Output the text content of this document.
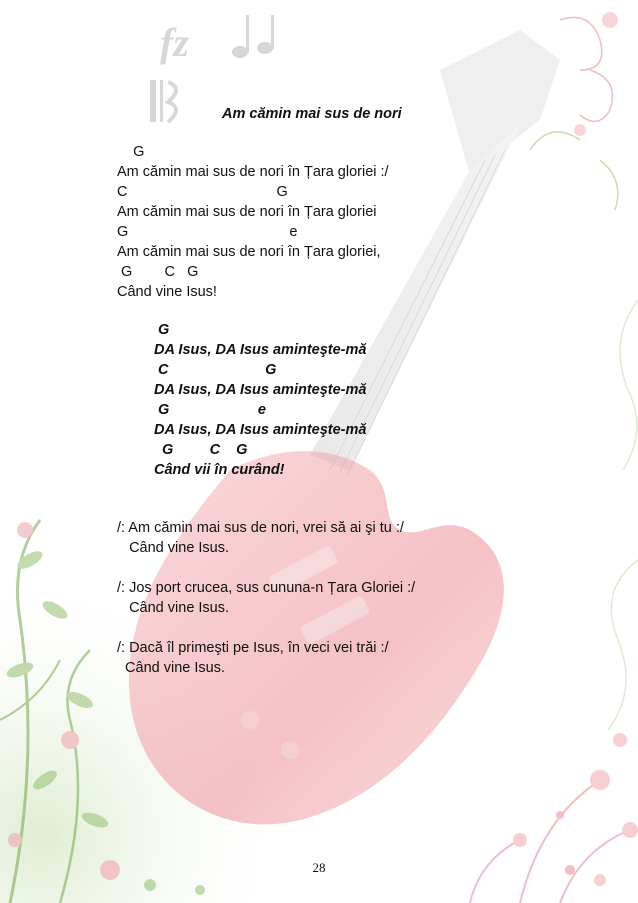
fz
Am cămin mai sus de nori
G
Am cămin mai sus de nori în Țara gloriei :/
C                                     G
Am cămin mai sus de nori în Țara gloriei
G                                        e
Am cămin mai sus de nori în Țara gloriei,
G        C   G
Când vine Isus!
G
DA Isus, DA Isus aminteşte-mă
C                        G
DA Isus, DA Isus aminteşte-mă
G                      e
DA Isus, DA Isus aminteşte-mă
G         C    G
Când vii în curând!
/: Am cămin mai sus de nori, vrei să ai şi tu :/
Când vine Isus.
/: Jos port crucea, sus cununa-n Țara Gloriei :/
Când vine Isus.
/: Dacă îl primeşti pe Isus, în veci vei trăi :/
Când vine Isus.
28
